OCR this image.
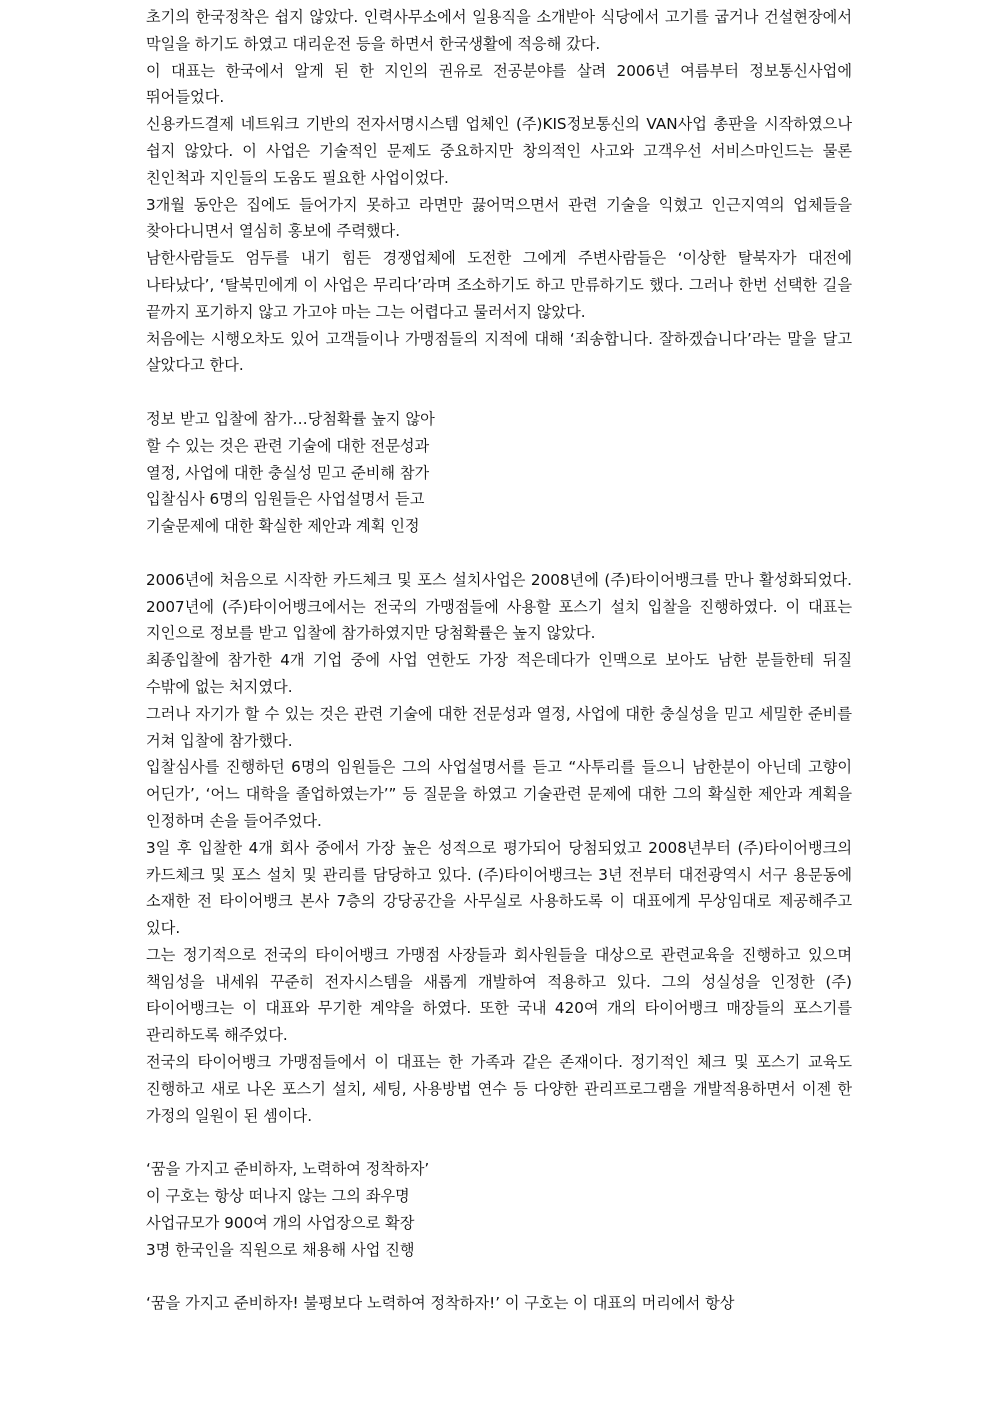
초기의 한국정착은 쉽지 않았다. 인력사무소에서 일용직을 소개받아 식당에서 고기를 굽거나 건설현장에서 막일을 하기도 하였고 대리운전 등을 하면서 한국생활에 적응해 갔다.

이 대표는 한국에서 알게 된 한 지인의 권유로 전공분야를 살려 2006년 여름부터 정보통신사업에 뛰어들었다.

신용카드결제 네트워크 기반의 전자서명시스템 업체인 (주)KIS정보통신의 VAN사업 총판을 시작하였으나 쉽지 않았다. 이 사업은 기술적인 문제도 중요하지만 창의적인 사고와 고객우선 서비스마인드는 물론 친인척과 지인들의 도움도 필요한 사업이었다.

3개월 동안은 집에도 들어가지 못하고 라면만 끓어먹으면서 관련 기술을 익혔고 인근지역의 업체들을 찾아다니면서 열심히 홍보에 주력했다.

남한사람들도 엄두를 내기 힘든 경쟁업체에 도전한 그에게 주변사람들은 ‘이상한 탈북자가 대전에 나타났다’, ‘탈북민에게 이 사업은 무리다’라며 조소하기도 하고 만류하기도 했다. 그러나 한번 선택한 길을 끝까지 포기하지 않고 가고야 마는 그는 어렵다고 물러서지 않았다.

처음에는 시행오차도 있어 고객들이나 가맹점들의 지적에 대해 ‘죄송합니다. 잘하겠습니다’라는 말을 달고 살았다고 한다.

정보 받고 입찰에 참가…당첨확률 높지 않아
할 수 있는 것은 관련 기술에 대한 전문성과
열정, 사업에 대한 충실성 믿고 준비해 참가
입찰심사 6명의 임원들은 사업설명서 듣고
기술문제에 대한 확실한 제안과 계획 인정

2006년에 처음으로 시작한 카드체크 및 포스 설치사업은 2008년에 (주)타이어뱅크를 만나 활성화되었다. 2007년에 (주)타이어뱅크에서는 전국의 가맹점들에 사용할 포스기 설치 입찰을 진행하였다. 이 대표는 지인으로 정보를 받고 입찰에 참가하였지만 당첨확률은 높지 않았다.

최종입찰에 참가한 4개 기업 중에 사업 연한도 가장 적은데다가 인맥으로 보아도 남한 분들한테 뒤질 수밖에 없는 처지였다.

그러나 자기가 할 수 있는 것은 관련 기술에 대한 전문성과 열정, 사업에 대한 충실성을 믿고 세밀한 준비를 거쳐 입찰에 참가했다.

입찰심사를 진행하던 6명의 임원들은 그의 사업설명서를 듣고 “사투리를 들으니 남한분이 아닌데 고향이 어딘가’, ‘어느 대학을 졸업하였는가’” 등 질문을 하였고 기술관련 문제에 대한 그의 확실한 제안과 계획을 인정하며 손을 들어주었다.

3일 후 입찰한 4개 회사 중에서 가장 높은 성적으로 평가되어 당첨되었고 2008년부터 (주)타이어뱅크의 카드체크 및 포스 설치 및 관리를 담당하고 있다. (주)타이어뱅크는 3년 전부터 대전광역시 서구 용문동에 소재한 전 타이어뱅크 본사 7층의 강당공간을 사무실로 사용하도록 이 대표에게 무상임대로 제공해주고 있다.

그는 정기적으로 전국의 타이어뱅크 가맹점 사장들과 회사원들을 대상으로 관련교육을 진행하고 있으며 책임성을 내세워 꾸준히 전자시스템을 새롭게 개발하여 적용하고 있다. 그의 성실성을 인정한 (주)타이어뱅크는 이 대표와 무기한 계약을 하였다. 또한 국내 420여 개의 타이어뱅크 매장들의 포스기를 관리하도록 해주었다.

전국의 타이어뱅크 가맹점들에서 이 대표는 한 가족과 같은 존재이다. 정기적인 체크 및 포스기 교육도 진행하고 새로 나온 포스기 설치, 세팅, 사용방법 연수 등 다양한 관리프로그램을 개발적용하면서 이젠 한 가정의 일원이 된 셈이다.

‘꿈을 가지고 준비하자, 노력하여 정착하자’
이 구호는 항상 떠나지 않는 그의 좌우명
사업규모가 900여 개의 사업장으로 확장
3명 한국인을 직원으로 채용해 사업 진행

‘꿈을 가지고 준비하자! 불평보다 노력하여 정착하자!’ 이 구호는 이 대표의 머리에서 항상
